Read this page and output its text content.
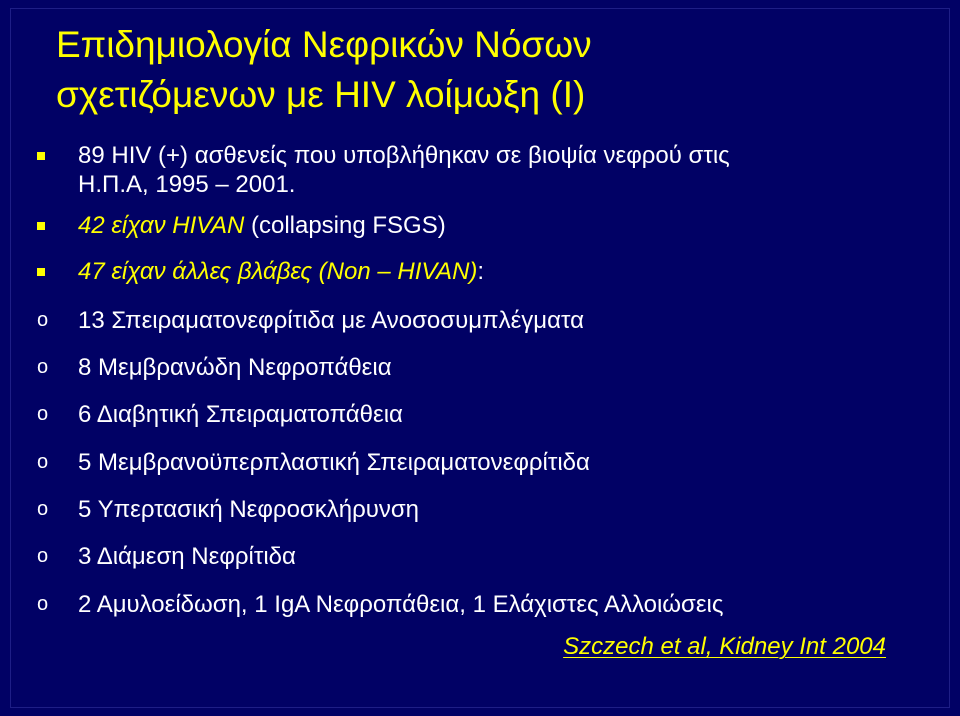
Επιδημιολογία Νεφρικών Νόσων
σχετιζόμενων με HIV λοίμωξη (Ι)
89 HIV (+) ασθενείς που υποβλήθηκαν σε βιοψία νεφρού στις
Η.Π.Α, 1995 – 2001.
42 είχαν HIVAN (collapsing FSGS)
47 είχαν άλλες βλάβες (Non – HIVAN):
o 13 Σπειραματονεφρίτιδα με Ανοσοσυμπλέγματα
o 8 Μεμβρανώδη Νεφροπάθεια
o 6 Διαβητική Σπειραματοπάθεια
o 5 Μεμβρανοϋπερπλαστική Σπειραματονεφρίτιδα
o 5 Υπερτασική Νεφροσκλήρυνση
o 3 Διάμεση Νεφρίτιδα
o 2 Αμυλοείδωση, 1 IgA Νεφροπάθεια, 1 Ελάχιστες Αλλοιώσεις
Szczech et al, Kidney Int 2004
